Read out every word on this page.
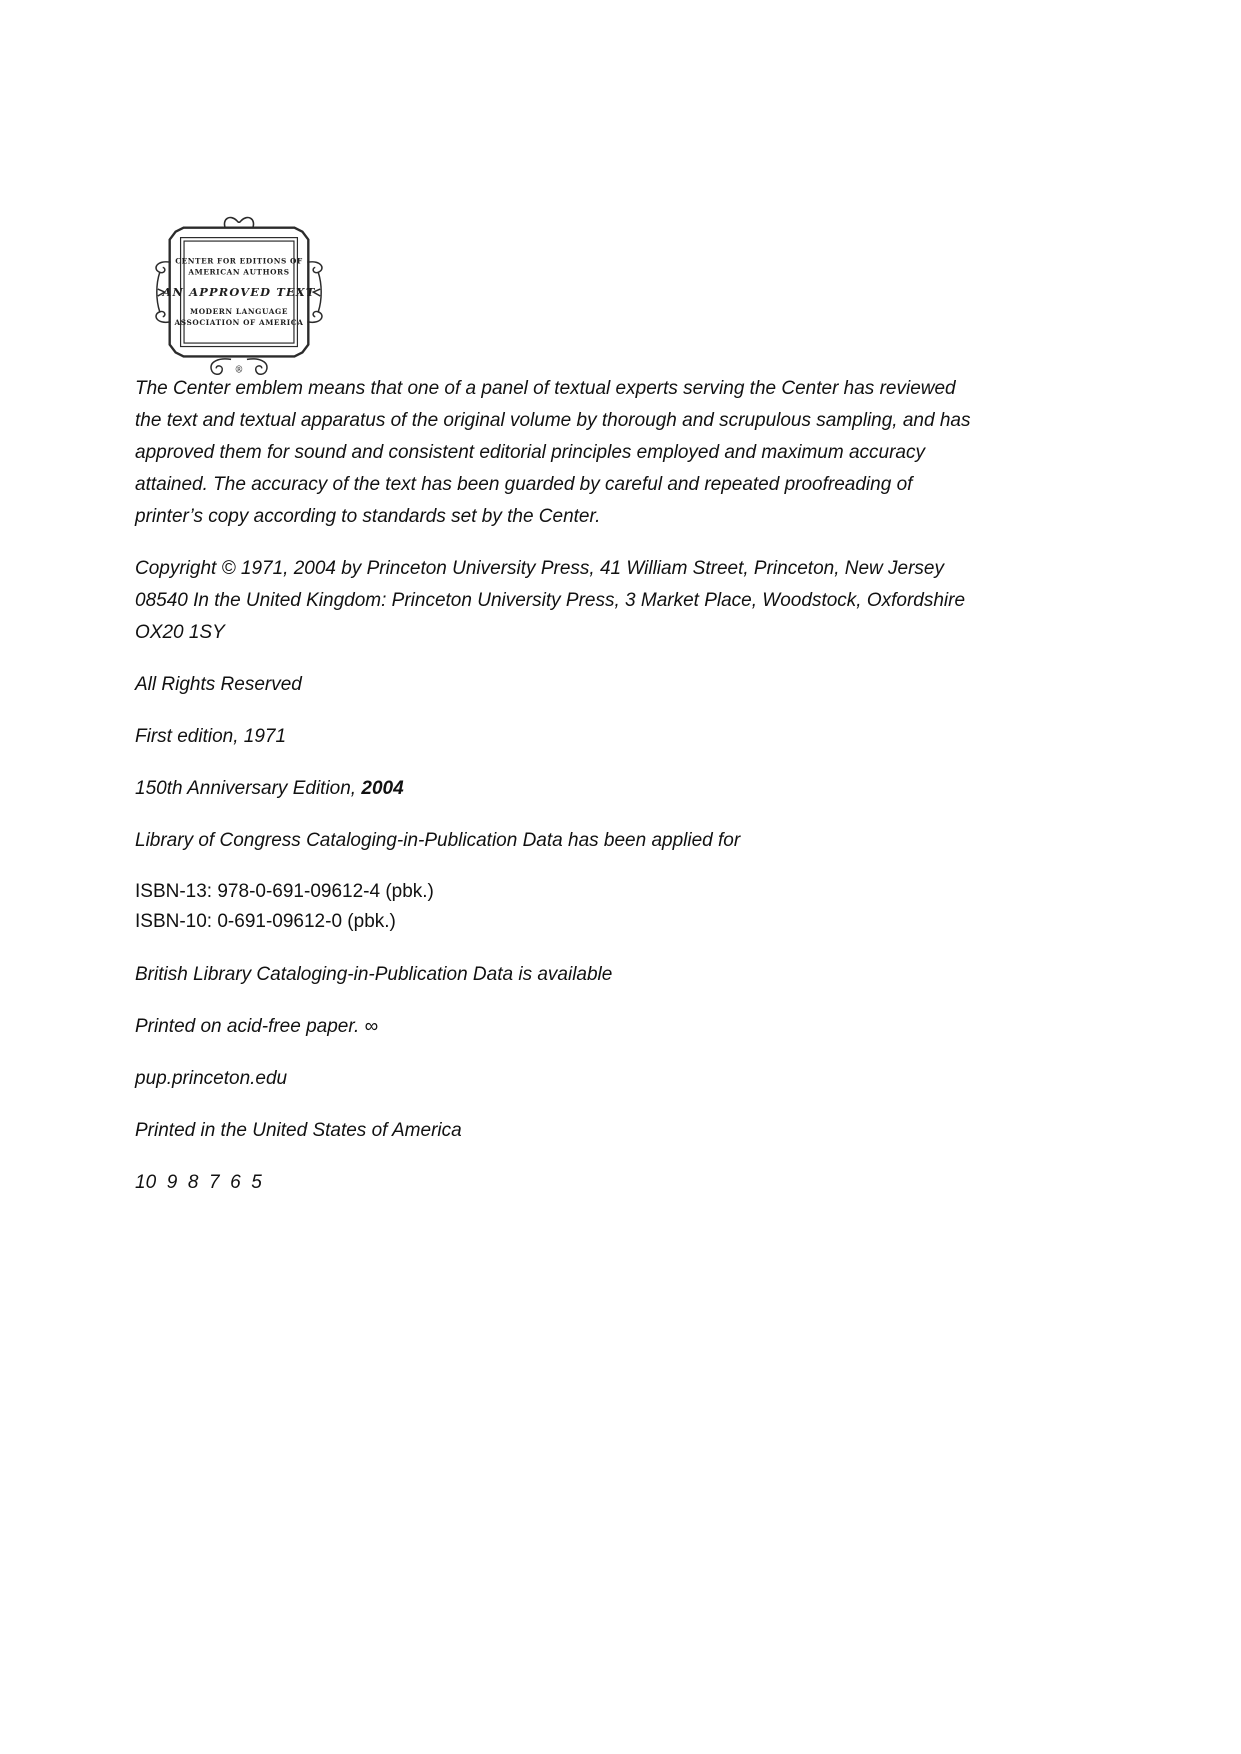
CENTER FOR EDITIONS OF
AMERICAN AUTHORS
AN APPROVED TEXT
MODERN LANGUAGE
ASSOCIATION OF AMERICA
®

The Center emblem means that one of a panel of textual experts serving the Center has reviewed the text and textual apparatus of the original volume by thorough and scrupulous sampling, and has approved them for sound and consistent editorial principles employed and maximum accuracy attained. The accuracy of the text has been guarded by careful and repeated proofreading of printer’s copy according to standards set by the Center.

Copyright © 1971, 2004 by Princeton University Press, 41 William Street, Princeton, New Jersey 08540 In the United Kingdom: Princeton University Press, 3 Market Place, Woodstock, Oxfordshire OX20 1SY

All Rights Reserved

First edition, 1971

150th Anniversary Edition, 2004

Library of Congress Cataloging-in-Publication Data has been applied for

ISBN-13: 978-0-691-09612-4 (pbk.)

ISBN-10: 0-691-09612-0 (pbk.)

British Library Cataloging-in-Publication Data is available

Printed on acid-free paper. ∞

pup.princeton.edu

Printed in the United States of America

10  9  8  7  6  5
